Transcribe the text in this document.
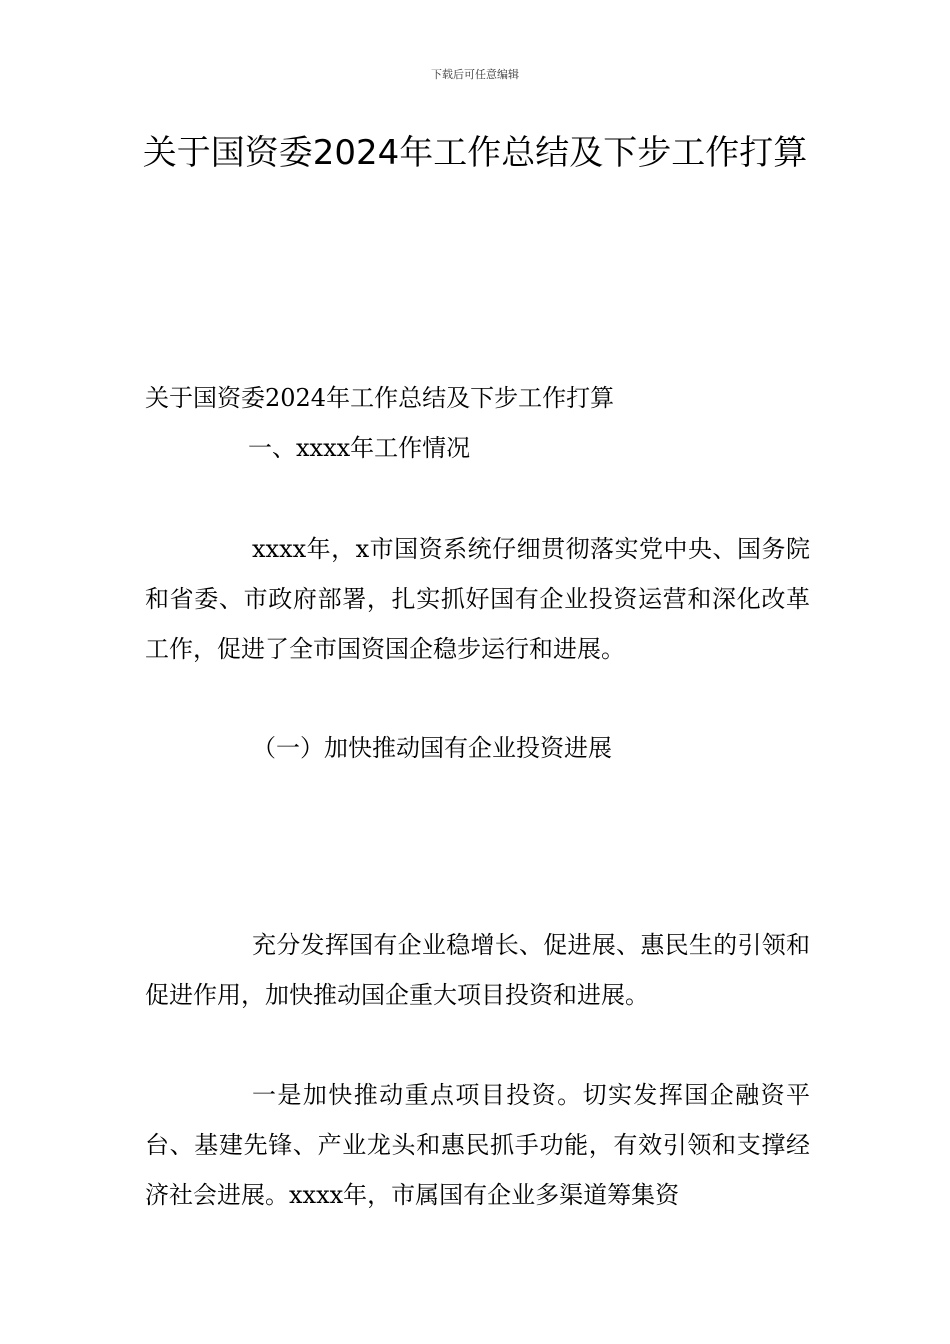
下载后可任意编辑
关于国资委2024年工作总结及下步工作打算
关于国资委2024年工作总结及下步工作打算
一、xxxx年工作情况

xxxx年，x市国资系统仔细贯彻落实党中央、国务院和省委、市政府部署，扎实抓好国有企业投资运营和深化改革工作，促进了全市国资国企稳步运行和进展。

（一）加快推动国有企业投资进展

充分发挥国有企业稳增长、促进展、惠民生的引领和促进作用，加快推动国企重大项目投资和进展。

一是加快推动重点项目投资。切实发挥国企融资平台、基建先锋、产业龙头和惠民抓手功能，有效引领和支撑经济社会进展。xxxx年，市属国有企业多渠道筹集资
